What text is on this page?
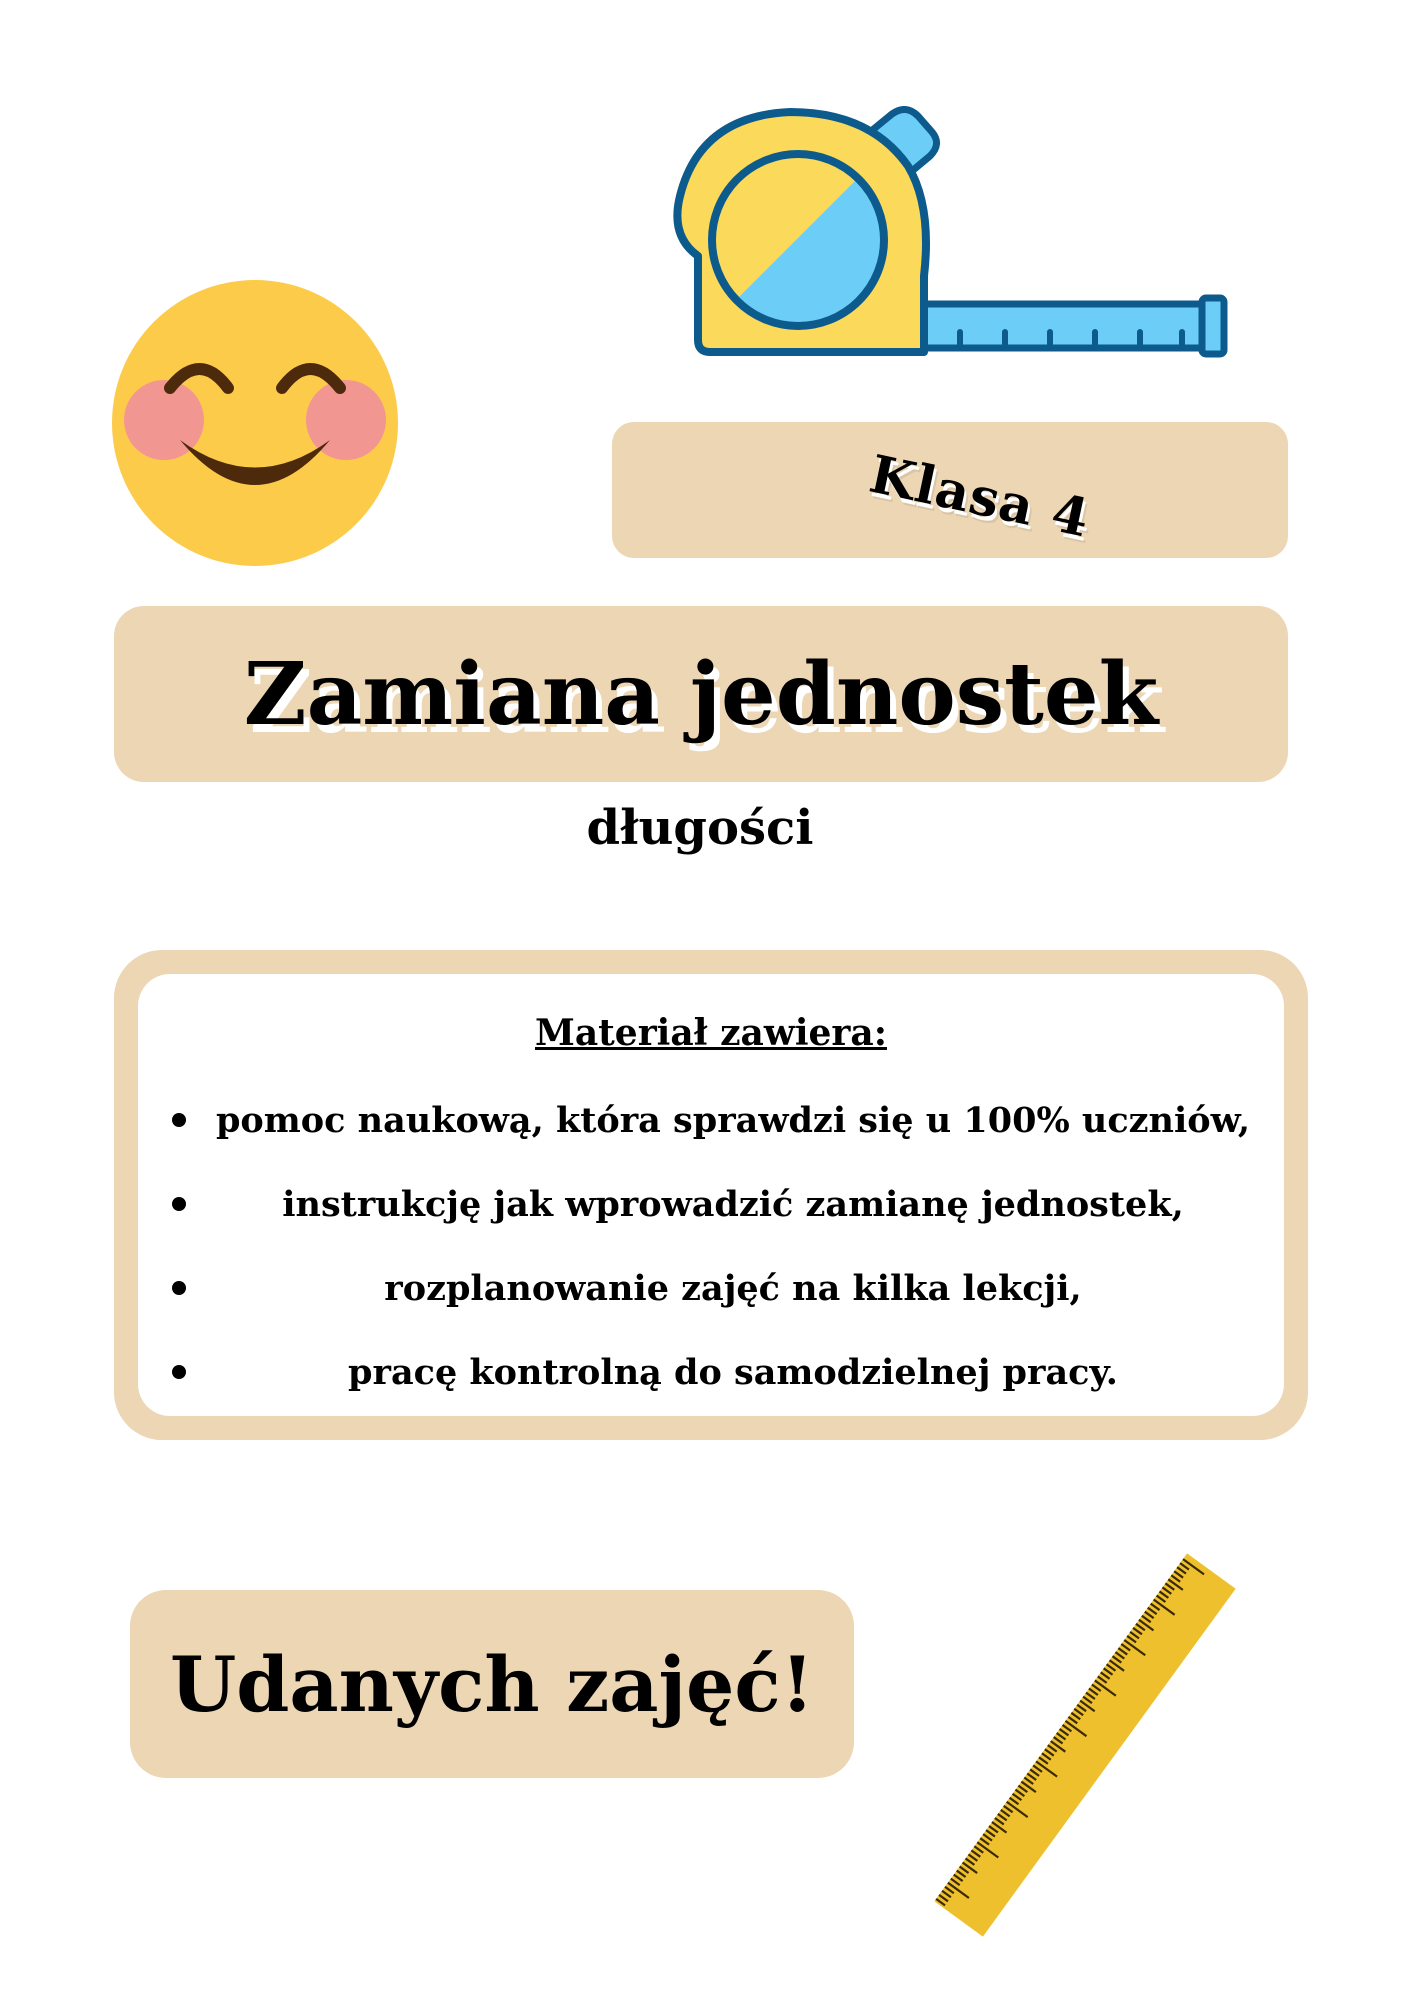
Klasa 4
Zamiana jednostek
długości
Materiał zawiera:
pomoc naukową, która sprawdzi się u 100% uczniów,
instrukcję jak wprowadzić zamianę jednostek,
rozplanowanie zajęć na kilka lekcji,
pracę kontrolną do samodzielnej pracy.
Udanych zajęć!
